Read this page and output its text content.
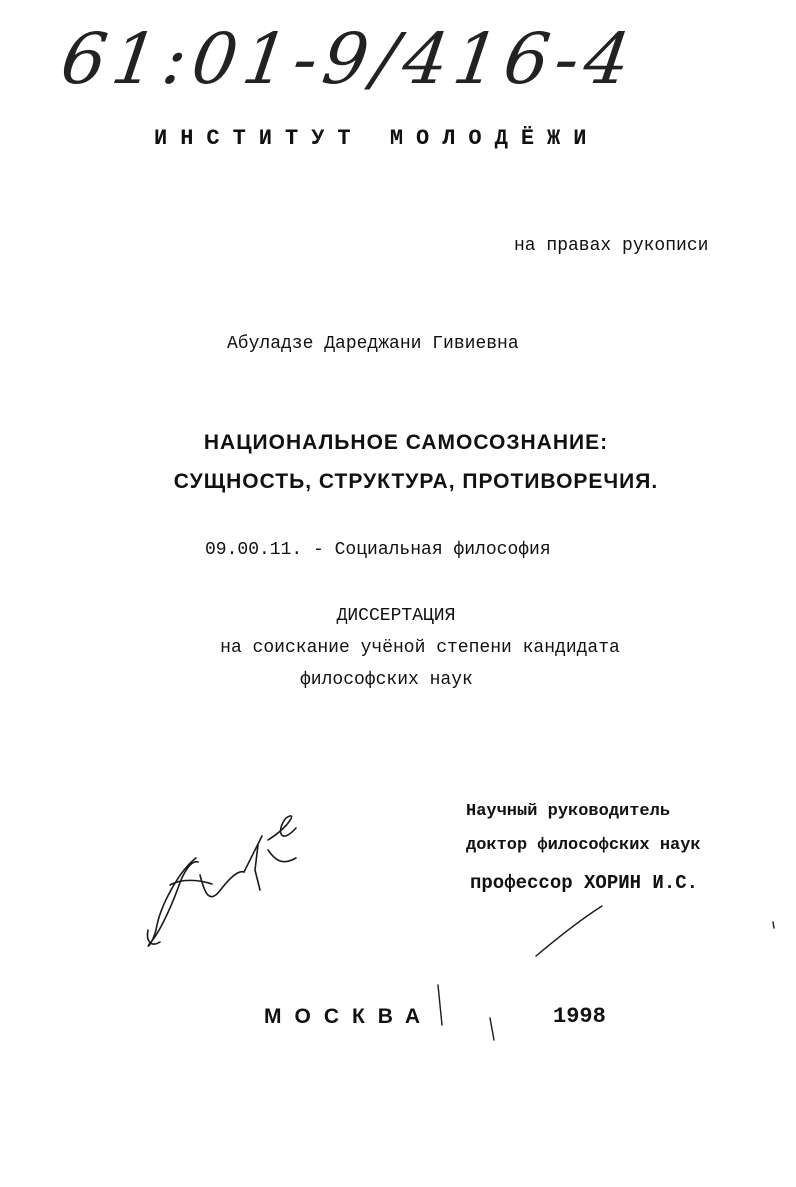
61:01-9/416-4
ИНСТИТУТ МОЛОДЁЖИ
на правах рукописи
Абуладзе Дареджани Гивиевна
НАЦИОНАЛЬНОЕ САМОСОЗНАНИЕ:
СУЩНОСТЬ, СТРУКТУРА, ПРОТИВОРЕЧИЯ.
09.00.11. - Социальная философия
ДИССЕРТАЦИЯ
на соискание учёной степени кандидата
философских наук
Научный руководитель
доктор философских наук
профессор ХОРИН И.С.
МОСКВА	1998
